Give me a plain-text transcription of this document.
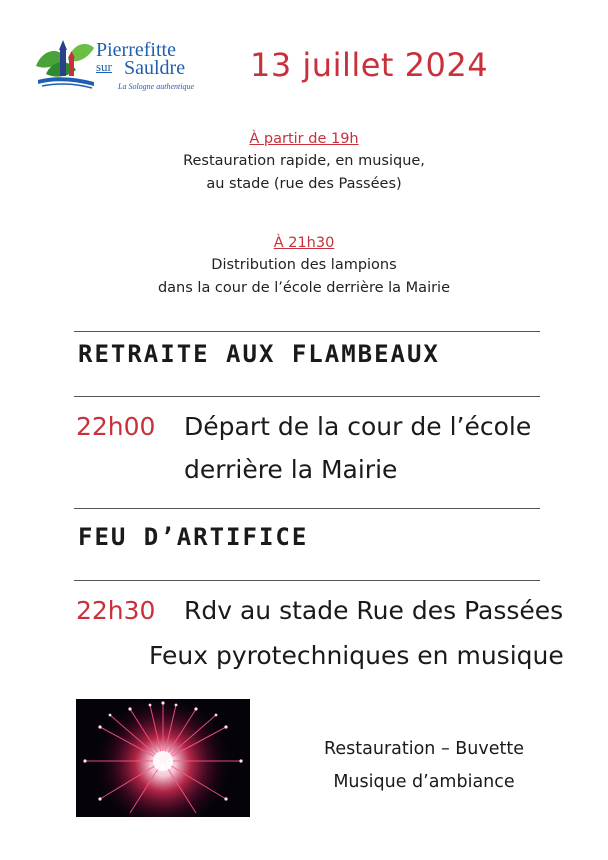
Pierrefitte
sur Sauldre
La Sologne authentique
13 juillet 2024
À partir de 19h
Restauration rapide, en musique,
au stade (rue des Passées)
À 21h30
Distribution des lampions
dans la cour de l’école derrière la Mairie
RETRAITE AUX FLAMBEAUX
22h00 Départ de la cour de l’école
derrière la Mairie
FEU D’ARTIFICE
22h30 Rdv au stade Rue des Passées
Feux pyrotechniques en musique
Restauration – Buvette
Musique d’ambiance
